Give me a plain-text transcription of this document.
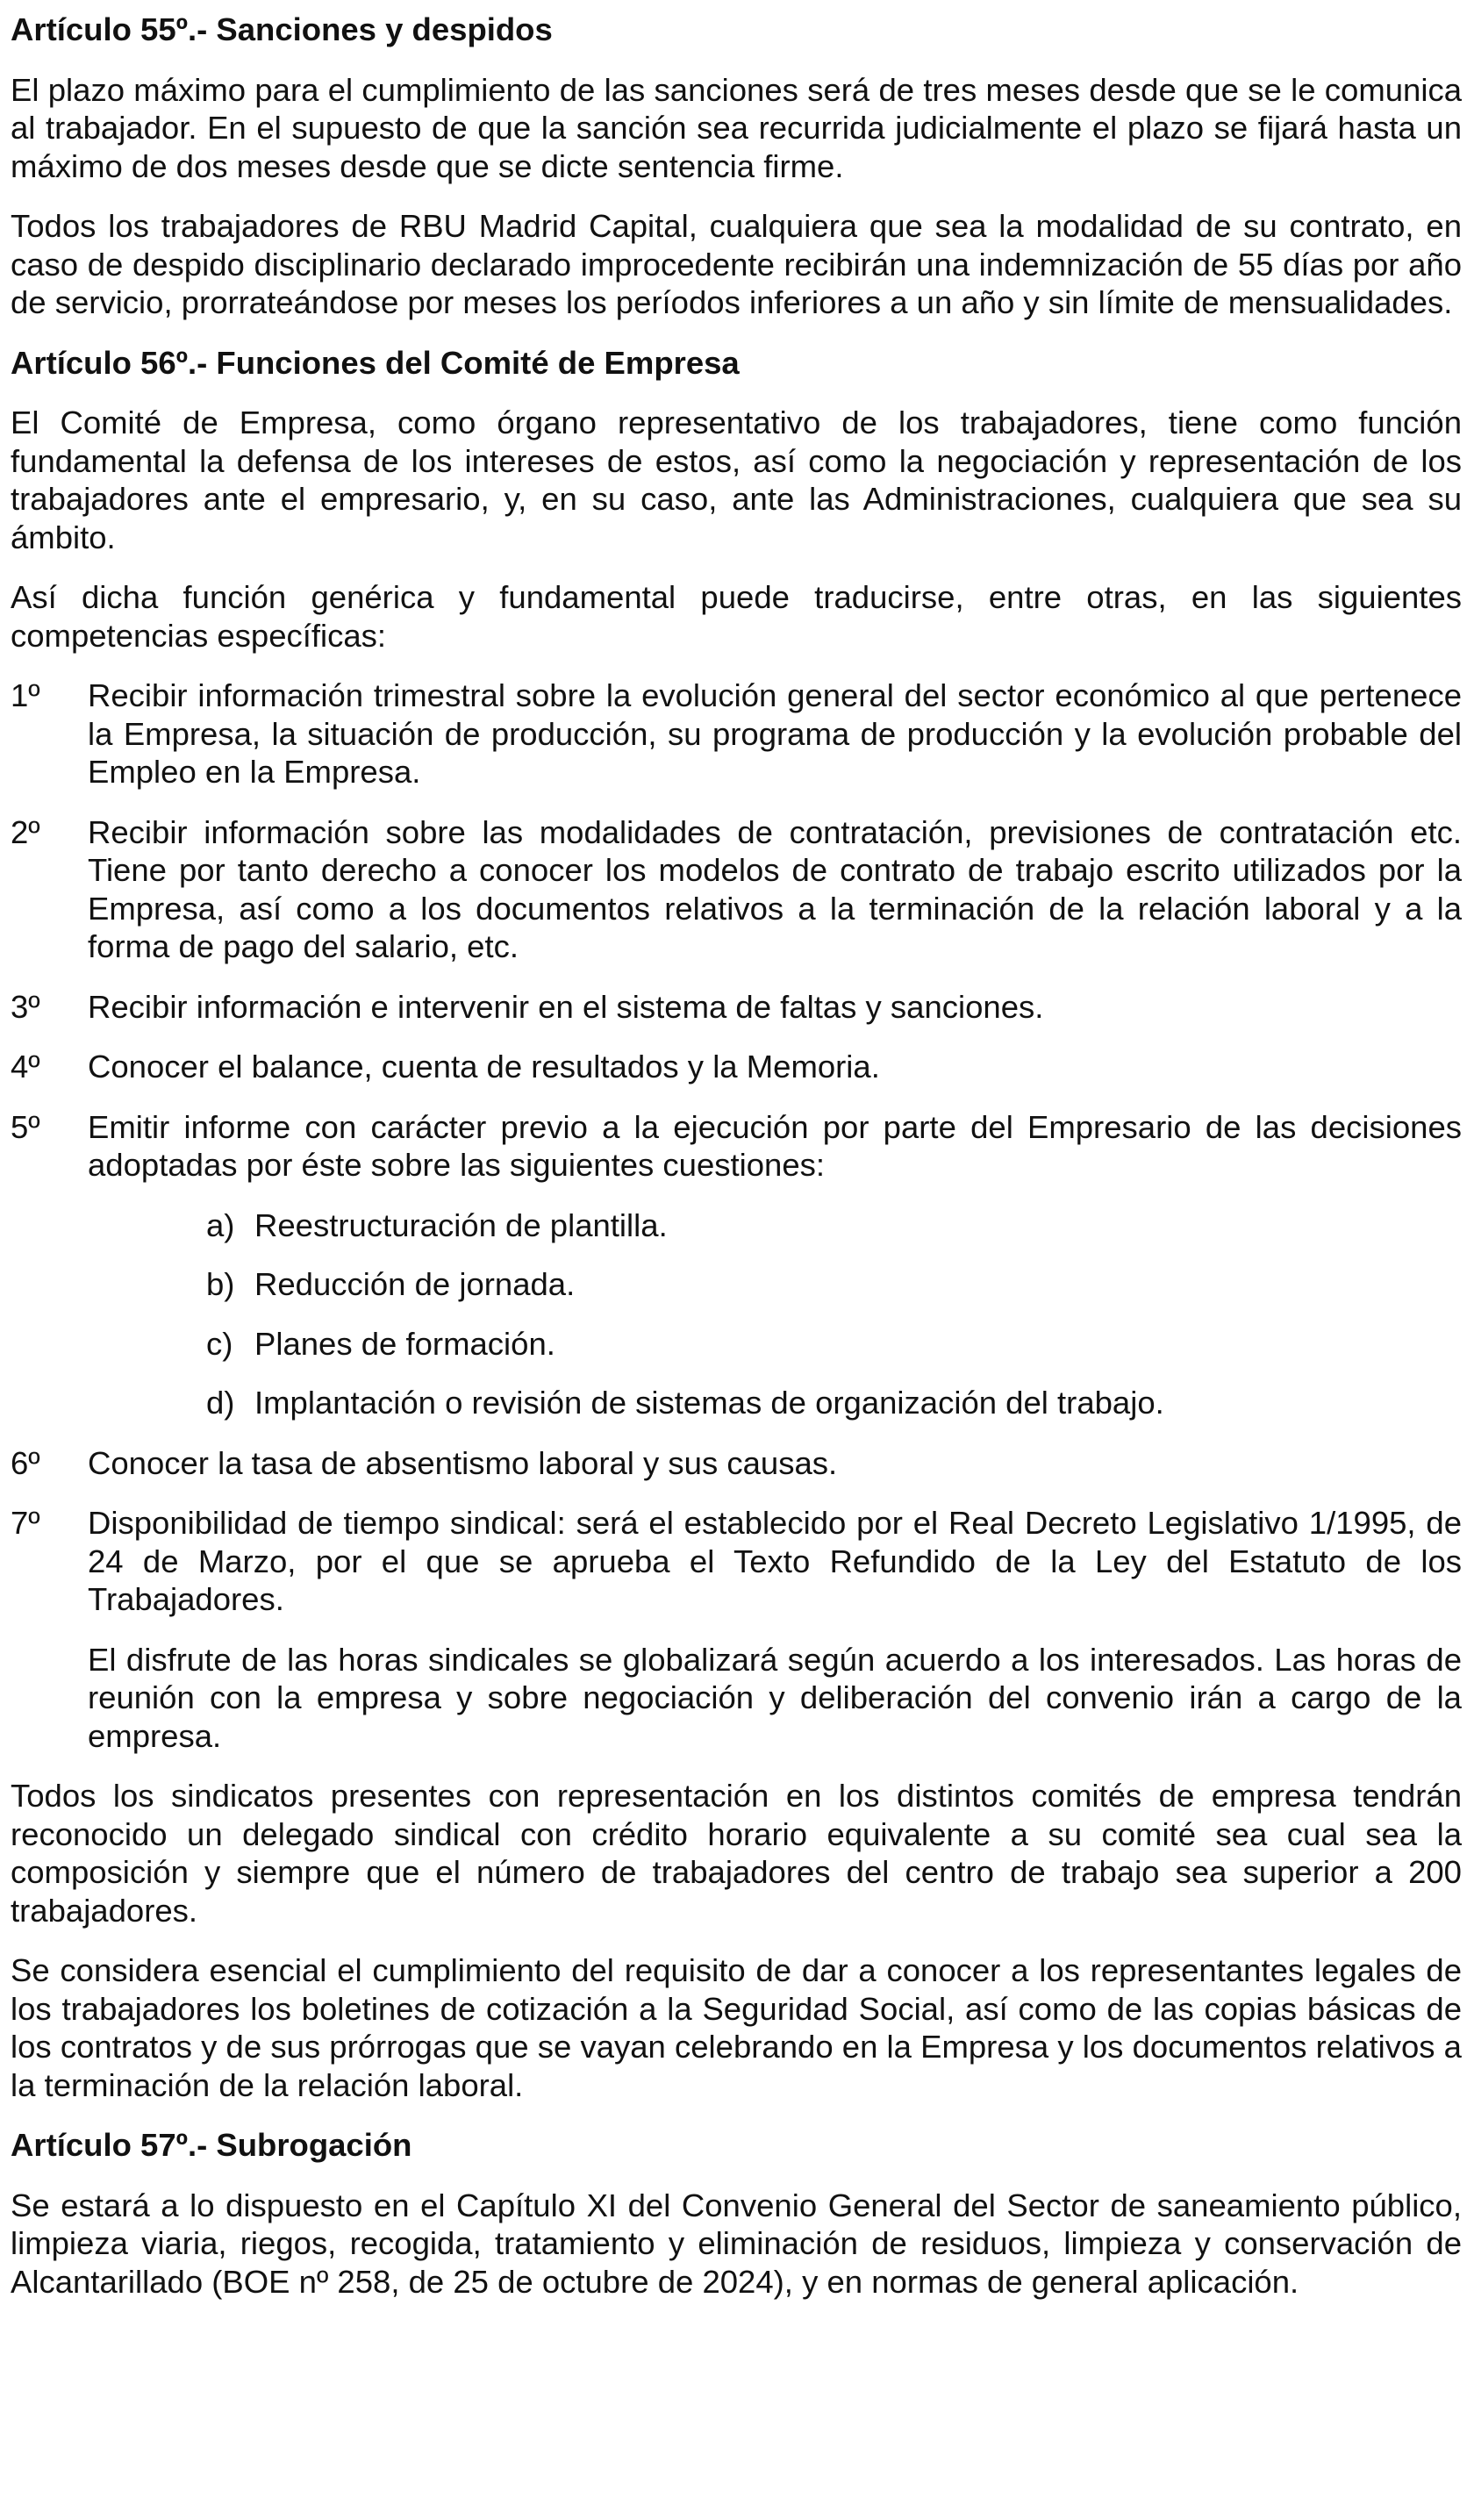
Artículo 55º.- Sanciones y despidos

El plazo máximo para el cumplimiento de las sanciones será de tres meses desde que se le comunica al trabajador. En el supuesto de que la sanción sea recurrida judicialmente el plazo se fijará hasta un máximo de dos meses desde que se dicte sentencia firme.

Todos los trabajadores de RBU Madrid Capital, cualquiera que sea la modalidad de su contrato, en caso de despido disciplinario declarado improcedente recibirán una indemnización de 55 días por año de servicio, prorrateándose por meses los períodos inferiores a un año y sin límite de mensualidades.

Artículo 56º.- Funciones del Comité de Empresa

El Comité de Empresa, como órgano representativo de los trabajadores, tiene como función fundamental la defensa de los intereses de estos, así como la negociación y representación de los trabajadores ante el empresario, y, en su caso, ante las Administraciones, cualquiera que sea su ámbito.

Así dicha función genérica y fundamental puede traducirse, entre otras, en las siguientes competencias específicas:

1º	Recibir información trimestral sobre la evolución general del sector económico al que pertenece la Empresa, la situación de producción, su programa de producción y la evolución probable del Empleo en la Empresa.
2º	Recibir información sobre las modalidades de contratación, previsiones de contratación etc. Tiene por tanto derecho a conocer los modelos de contrato de trabajo escrito utilizados por la Empresa, así como a los documentos relativos a la terminación de la relación laboral y a la forma de pago del salario, etc.
3º	Recibir información e intervenir en el sistema de faltas y sanciones.
4º	Conocer el balance, cuenta de resultados y la Memoria.
5º	Emitir informe con carácter previo a la ejecución por parte del Empresario de las decisiones adoptadas por éste sobre las siguientes cuestiones:
a) Reestructuración de plantilla.
b) Reducción de jornada.
c) Planes de formación.
d) Implantación o revisión de sistemas de organización del trabajo.
6º	Conocer la tasa de absentismo laboral y sus causas.
7º	Disponibilidad de tiempo sindical: será el establecido por el Real Decreto Legislativo 1/1995, de 24 de Marzo, por el que se aprueba el Texto Refundido de la Ley del Estatuto de los Trabajadores.
El disfrute de las horas sindicales se globalizará según acuerdo a los interesados. Las horas de reunión con la empresa y sobre negociación y deliberación del convenio irán a cargo de la empresa.

Todos los sindicatos presentes con representación en los distintos comités de empresa tendrán reconocido un delegado sindical con crédito horario equivalente a su comité sea cual sea la composición y siempre que el número de trabajadores del centro de trabajo sea superior a 200 trabajadores.

Se considera esencial el cumplimiento del requisito de dar a conocer a los representantes legales de los trabajadores los boletines de cotización a la Seguridad Social, así como de las copias básicas de los contratos y de sus prórrogas que se vayan celebrando en la Empresa y los documentos relativos a la terminación de la relación laboral.

Artículo 57º.- Subrogación

Se estará a lo dispuesto en el Capítulo XI del Convenio General del Sector de saneamiento público, limpieza viaria, riegos, recogida, tratamiento y eliminación de residuos, limpieza y conservación de Alcantarillado (BOE nº 258, de 25 de octubre de 2024), y en normas de general aplicación.
